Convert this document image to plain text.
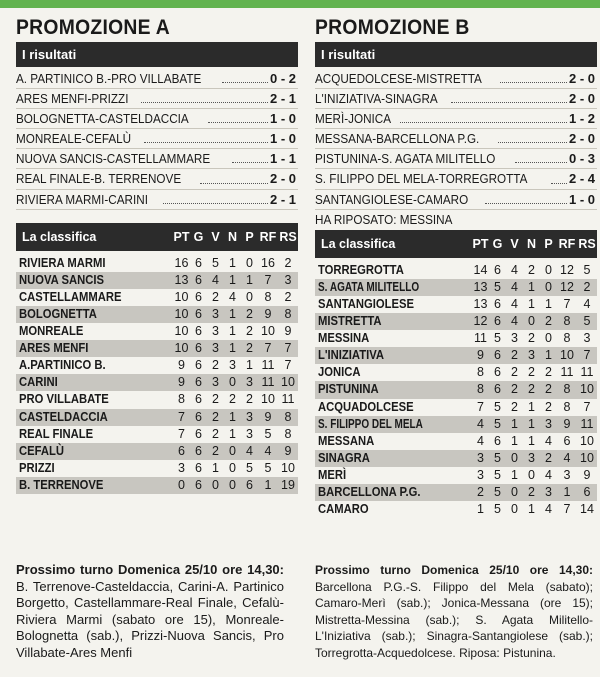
PROMOZIONE A
I risultati
A. PARTINICO B.-PRO VILLABATE	0 - 2
ARES MENFI-PRIZZI	2 - 1
BOLOGNETTA-CASTELDACCIA	1 - 0
MONREALE-CEFALÙ	1 - 0
NUOVA SANCIS-CASTELLAMMARE	1 - 1
REAL FINALE-B. TERRENOVE	2 - 0
RIVIERA MARMI-CARINI	2 - 1
La classifica	PT G V N P RF RS
RIVIERA MARMI	16 6 5 1 0 16 2
NUOVA SANCIS	13 6 4 1 1 7	3
CASTELLAMMARE	10 6 2 4 0 8	2
BOLOGNETTA	10 6 3 1 2 9	8
MONREALE	10 6 3 1 2 10 9
ARES MENFI	10 6 3 1 2 7	7
A.PARTINICO B.	9 6 2 3 1 11 7
CARINI	9 6 3 0 3 11 10
PRO VILLABATE	8 6 2 2 2 10 11
CASTELDACCIA	7 6 2 1 3 9	8
REAL FINALE	7 6 2 1 3 5	8
CEFALÙ	6 6 2 0 4 4	9
PRIZZI	3 6 1 0 5 5 10
B. TERRENOVE	0 6 0 0 6 1 19
Prossimo turno Domenica 25/10 ore 14,30: B. Terrenove-Casteldaccia, Carini-A. Partinico Borgetto, Castellammare-Real Finale, Cefalù-Riviera Marmi (sabato ore 15), Monreale-Bolognetta (sab.), Prizzi-Nuova Sancis, Pro Villabate-Ares Menfi
PROMOZIONE B
I risultati
ACQUEDOLCESE-MISTRETTA	2 - 0
L'INIZIATIVA-SINAGRA	2 - 0
MERÌ-JONICA	1 - 2
MESSANA-BARCELLONA P.G.	2 - 0
PISTUNINA-S. AGATA MILITELLO	0 - 3
S. FILIPPO DEL MELA-TORREGROTTA	2 - 4
SANTANGIOLESE-CAMARO	1 - 0
HA RIPOSATO: MESSINA
La classifica	PT G V N P RF RS
TORREGROTTA	14 6 4 2 0 12 5
S. AGATA MILITELLO	13 5 4 1 0 12 2
SANTANGIOLESE	13 6 4 1 1 7	4
MISTRETTA	12 6 4 0 2 8	5
MESSINA	11 5 3 2 0 8	3
L'INIZIATIVA	9 6 2 3 1 10 7
JONICA	8 6 2 2 2 11 11
PISTUNINA	8 6 2 2 2 8 10
ACQUADOLCESE	7 5 2 1 2 8	7
S. FILIPPO DEL MELA	4 5 1 1 3 9 11
MESSANA	4 6 1 1 4 6 10
SINAGRA	3 5 0 3 2 4 10
MERÌ	3 5 1 0 4 3	9
BARCELLONA P.G.	2 5 0 2 3 1	6
CAMARO	1 5 0 1 4 7 14
Prossimo turno Domenica 25/10 ore 14,30: Barcellona P.G.-S. Filippo del Mela (sabato); Camaro-Merì (sab.); Jonica-Messana (ore 15); Mistretta-Messina (sab.); S. Agata Militello-L'Iniziativa (sab.); Sinagra-Santangiolese (sab.); Torregrotta-Acquedolcese. Riposa: Pistunina.
